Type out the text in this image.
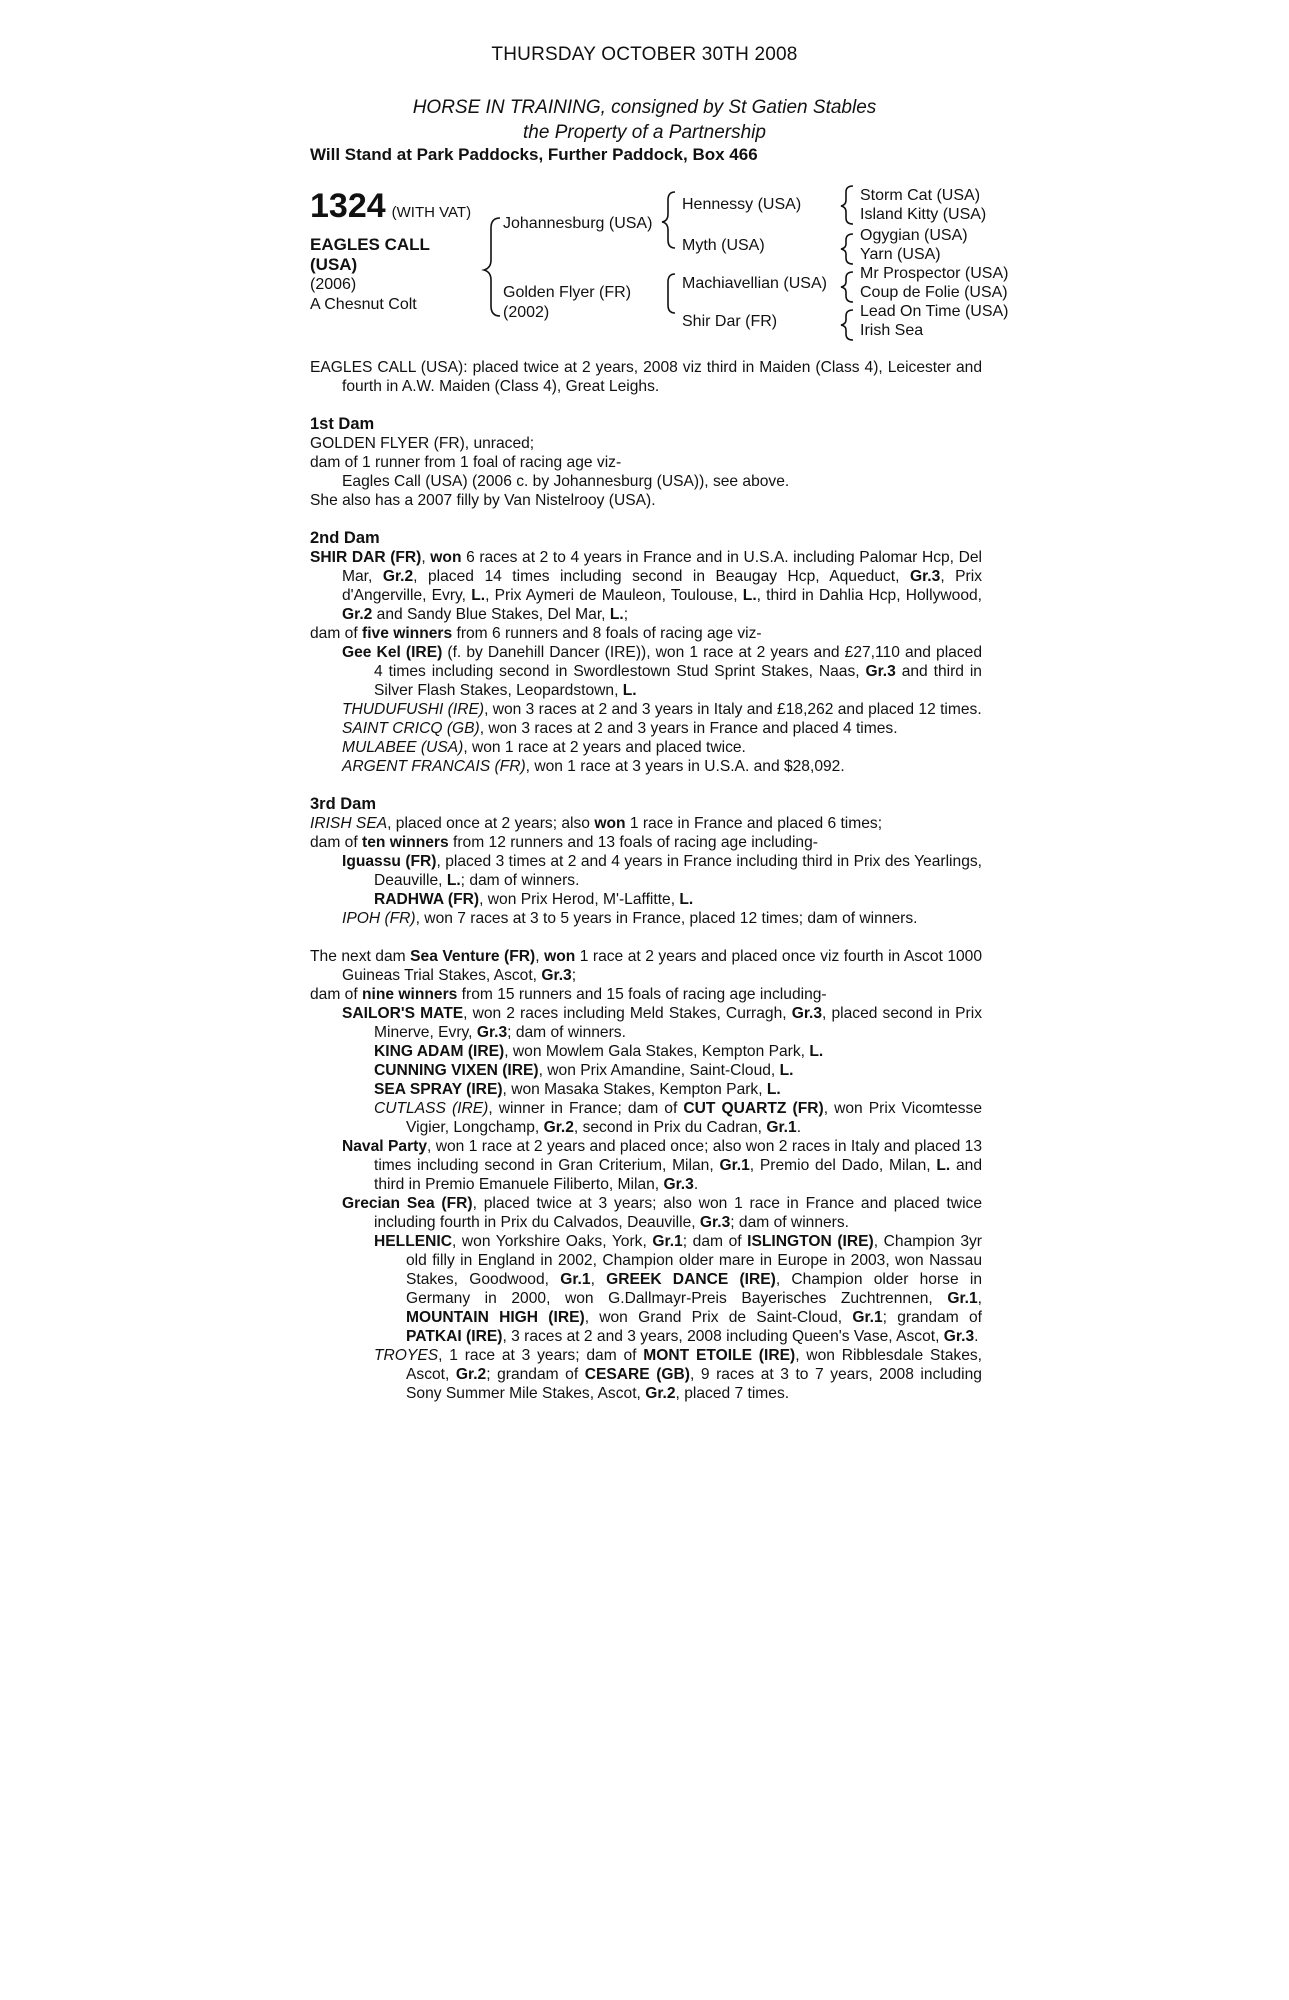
THURSDAY OCTOBER 30TH 2008
HORSE IN TRAINING, consigned by St Gatien Stables
the Property of a Partnership
Will Stand at Park Paddocks, Further Paddock, Box 466
1324 (WITH VAT)
EAGLES CALL
(USA)
(2006)
A Chesnut Colt
Johannesburg (USA)
Golden Flyer (FR)
(2002)
Hennessy (USA)
Myth (USA)
Machiavellian (USA)
Shir Dar (FR)
Storm Cat (USA)
Island Kitty (USA)
Ogygian (USA)
Yarn (USA)
Mr Prospector (USA)
Coup de Folie (USA)
Lead On Time (USA)
Irish Sea

EAGLES CALL (USA): placed twice at 2 years, 2008 viz third in Maiden (Class 4), Leicester and fourth in A.W. Maiden (Class 4), Great Leighs.

1st Dam

GOLDEN FLYER (FR), unraced;

dam of 1 runner from 1 foal of racing age viz-

Eagles Call (USA) (2006 c. by Johannesburg (USA)), see above.

She also has a 2007 filly by Van Nistelrooy (USA).

2nd Dam

SHIR DAR (FR), won 6 races at 2 to 4 years in France and in U.S.A. including Palomar Hcp, Del Mar, Gr.2, placed 14 times including second in Beaugay Hcp, Aqueduct, Gr.3, Prix d'Angerville, Evry, L., Prix Aymeri de Mauleon, Toulouse, L., third in Dahlia Hcp, Hollywood, Gr.2 and Sandy Blue Stakes, Del Mar, L.;

dam of five winners from 6 runners and 8 foals of racing age viz-

Gee Kel (IRE) (f. by Danehill Dancer (IRE)), won 1 race at 2 years and £27,110 and placed 4 times including second in Swordlestown Stud Sprint Stakes, Naas, Gr.3 and third in Silver Flash Stakes, Leopardstown, L.

THUDUFUSHI (IRE), won 3 races at 2 and 3 years in Italy and £18,262 and placed 12 times.

SAINT CRICQ (GB), won 3 races at 2 and 3 years in France and placed 4 times.

MULABEE (USA), won 1 race at 2 years and placed twice.

ARGENT FRANCAIS (FR), won 1 race at 3 years in U.S.A. and $28,092.

3rd Dam

IRISH SEA, placed once at 2 years; also won 1 race in France and placed 6 times;

dam of ten winners from 12 runners and 13 foals of racing age including-

Iguassu (FR), placed 3 times at 2 and 4 years in France including third in Prix des Yearlings, Deauville, L.; dam of winners.

RADHWA (FR), won Prix Herod, M'-Laffitte, L.

IPOH (FR), won 7 races at 3 to 5 years in France, placed 12 times; dam of winners.

The next dam Sea Venture (FR), won 1 race at 2 years and placed once viz fourth in Ascot 1000 Guineas Trial Stakes, Ascot, Gr.3;

dam of nine winners from 15 runners and 15 foals of racing age including-

SAILOR'S MATE, won 2 races including Meld Stakes, Curragh, Gr.3, placed second in Prix Minerve, Evry, Gr.3; dam of winners.

KING ADAM (IRE), won Mowlem Gala Stakes, Kempton Park, L.

CUNNING VIXEN (IRE), won Prix Amandine, Saint-Cloud, L.

SEA SPRAY (IRE), won Masaka Stakes, Kempton Park, L.

CUTLASS (IRE), winner in France; dam of CUT QUARTZ (FR), won Prix Vicomtesse Vigier, Longchamp, Gr.2, second in Prix du Cadran, Gr.1.

Naval Party, won 1 race at 2 years and placed once; also won 2 races in Italy and placed 13 times including second in Gran Criterium, Milan, Gr.1, Premio del Dado, Milan, L. and third in Premio Emanuele Filiberto, Milan, Gr.3.

Grecian Sea (FR), placed twice at 3 years; also won 1 race in France and placed twice including fourth in Prix du Calvados, Deauville, Gr.3; dam of winners.

HELLENIC, won Yorkshire Oaks, York, Gr.1; dam of ISLINGTON (IRE), Champion 3yr old filly in England in 2002, Champion older mare in Europe in 2003, won Nassau Stakes, Goodwood, Gr.1, GREEK DANCE (IRE), Champion older horse in Germany in 2000, won G.Dallmayr-Preis Bayerisches Zuchtrennen, Gr.1, MOUNTAIN HIGH (IRE), won Grand Prix de Saint-Cloud, Gr.1; grandam of PATKAI (IRE), 3 races at 2 and 3 years, 2008 including Queen's Vase, Ascot, Gr.3.

TROYES, 1 race at 3 years; dam of MONT ETOILE (IRE), won Ribblesdale Stakes, Ascot, Gr.2; grandam of CESARE (GB), 9 races at 3 to 7 years, 2008 including Sony Summer Mile Stakes, Ascot, Gr.2, placed 7 times.
